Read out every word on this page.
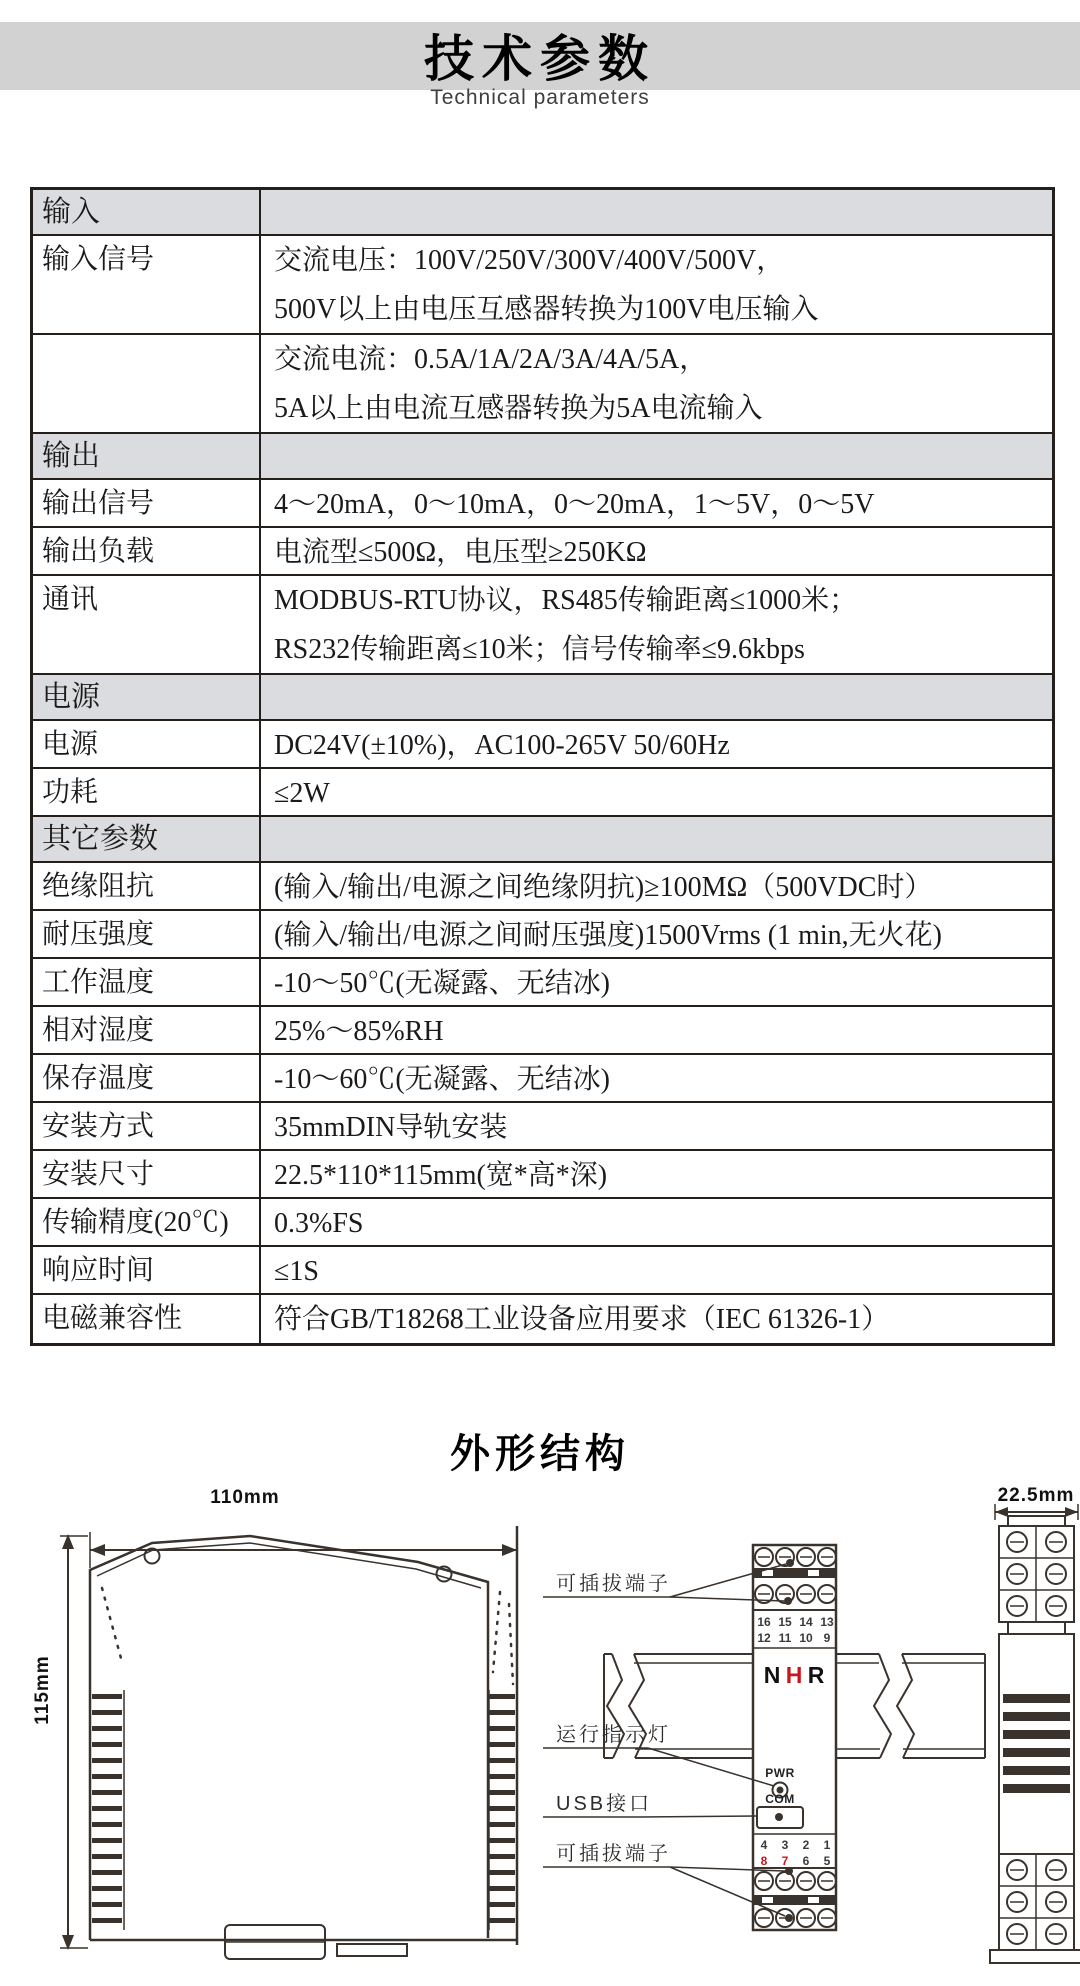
技术参数
Technical parameters
输入
输入信号	交流电压：100V/250V/300V/400V/500V，
500V以上由电压互感器转换为100V电压输入
交流电流：0.5A/1A/2A/3A/4A/5A，
5A以上由电流互感器转换为5A电流输入
输出
输出信号	4～20mA，0～10mA，0～20mA，1～5V，0～5V
输出负载	电流型≤500Ω，电压型≥250KΩ
通讯	MODBUS-RTU协议，RS485传输距离≤1000米；
RS232传输距离≤10米；信号传输率≤9.6kbps
电源
电源	DC24V(±10%)，AC100-265V 50/60Hz
功耗	≤2W
其它参数
绝缘阻抗	(输入/输出/电源之间绝缘阴抗)≥100MΩ（500VDC时）
耐压强度	(输入/输出/电源之间耐压强度)1500Vrms (1 min,无火花)
工作温度	-10～50℃(无凝露、无结冰)
相对湿度	25%～85%RH
保存温度	-10～60℃(无凝露、无结冰)
安装方式	35mmDIN导轨安装
安装尺寸	22.5*110*115mm(宽*高*深)
传输精度(20℃)	0.3%FS
响应时间	≤1S
电磁兼容性	符合GB/T18268工业设备应用要求（IEC 61326-1）
外形结构
110mm
115mm
16 15 14 13
12 11 10 9
N H R
PWR
COM
4 3 2 1
8 7 6 5
可插拔端子
运行指示灯
USB接口
可插拔端子
22.5mm
